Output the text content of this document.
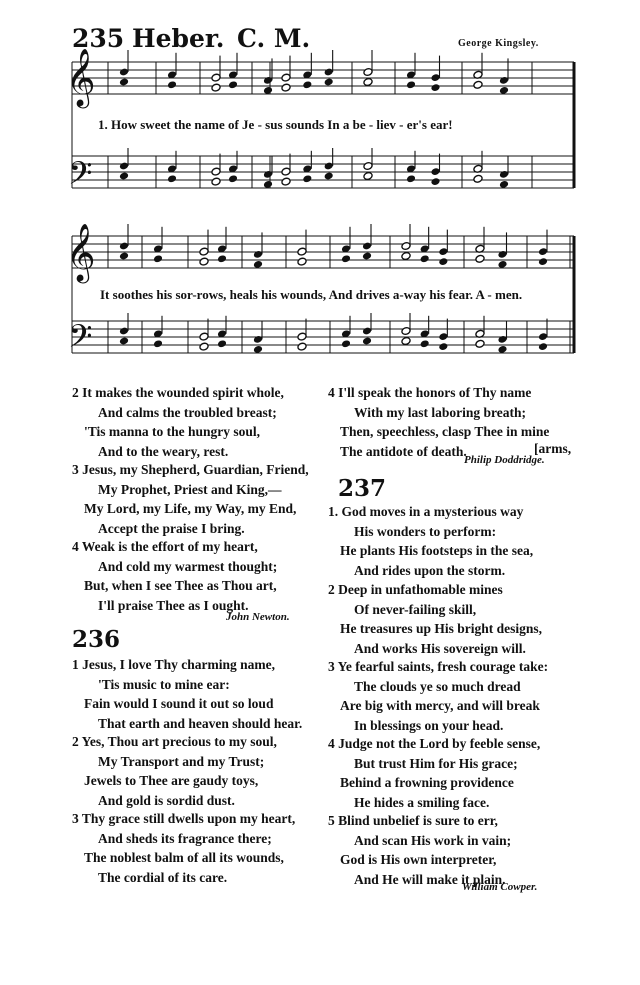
235 Heber. C. M.	George Kingsley.
𝄞
𝄢
𝄞
𝄢
1. How sweet the name of Je - sus sounds In a be - liev - er's ear!
It soothes his sor-rows, heals his wounds, And drives a-way his fear. A - men.
2 It makes the wounded spirit whole,
And calms the troubled breast;
'Tis manna to the hungry soul,
And to the weary, rest.
3 Jesus, my Shepherd, Guardian, Friend,
My Prophet, Priest and King,—
My Lord, my Life, my Way, my End,
Accept the praise I bring.
4 Weak is the effort of my heart,
And cold my warmest thought;
But, when I see Thee as Thou art,
I'll praise Thee as I ought.
John Newton.
236
1 Jesus, I love Thy charming name,
'Tis music to mine ear:
Fain would I sound it out so loud
That earth and heaven should hear.
2 Yes, Thou art precious to my soul,
My Transport and my Trust;
Jewels to Thee are gaudy toys,
And gold is sordid dust.
3 Thy grace still dwells upon my heart,
And sheds its fragrance there;
The noblest balm of all its wounds,
The cordial of its care.
4 I'll speak the honors of Thy name
With my last laboring breath;
Then, speechless, clasp Thee in mine
The antidote of death.	[arms,
Philip Doddridge.
237
1. God moves in a mysterious way
His wonders to perform:
He plants His footsteps in the sea,
And rides upon the storm.
2 Deep in unfathomable mines
Of never-failing skill,
He treasures up His bright designs,
And works His sovereign will.
3 Ye fearful saints, fresh courage take:
The clouds ye so much dread
Are big with mercy, and will break
In blessings on your head.
4 Judge not the Lord by feeble sense,
But trust Him for His grace;
Behind a frowning providence
He hides a smiling face.
5 Blind unbelief is sure to err,
And scan His work in vain;
God is His own interpreter,
And He will make it plain.
William Cowper.
